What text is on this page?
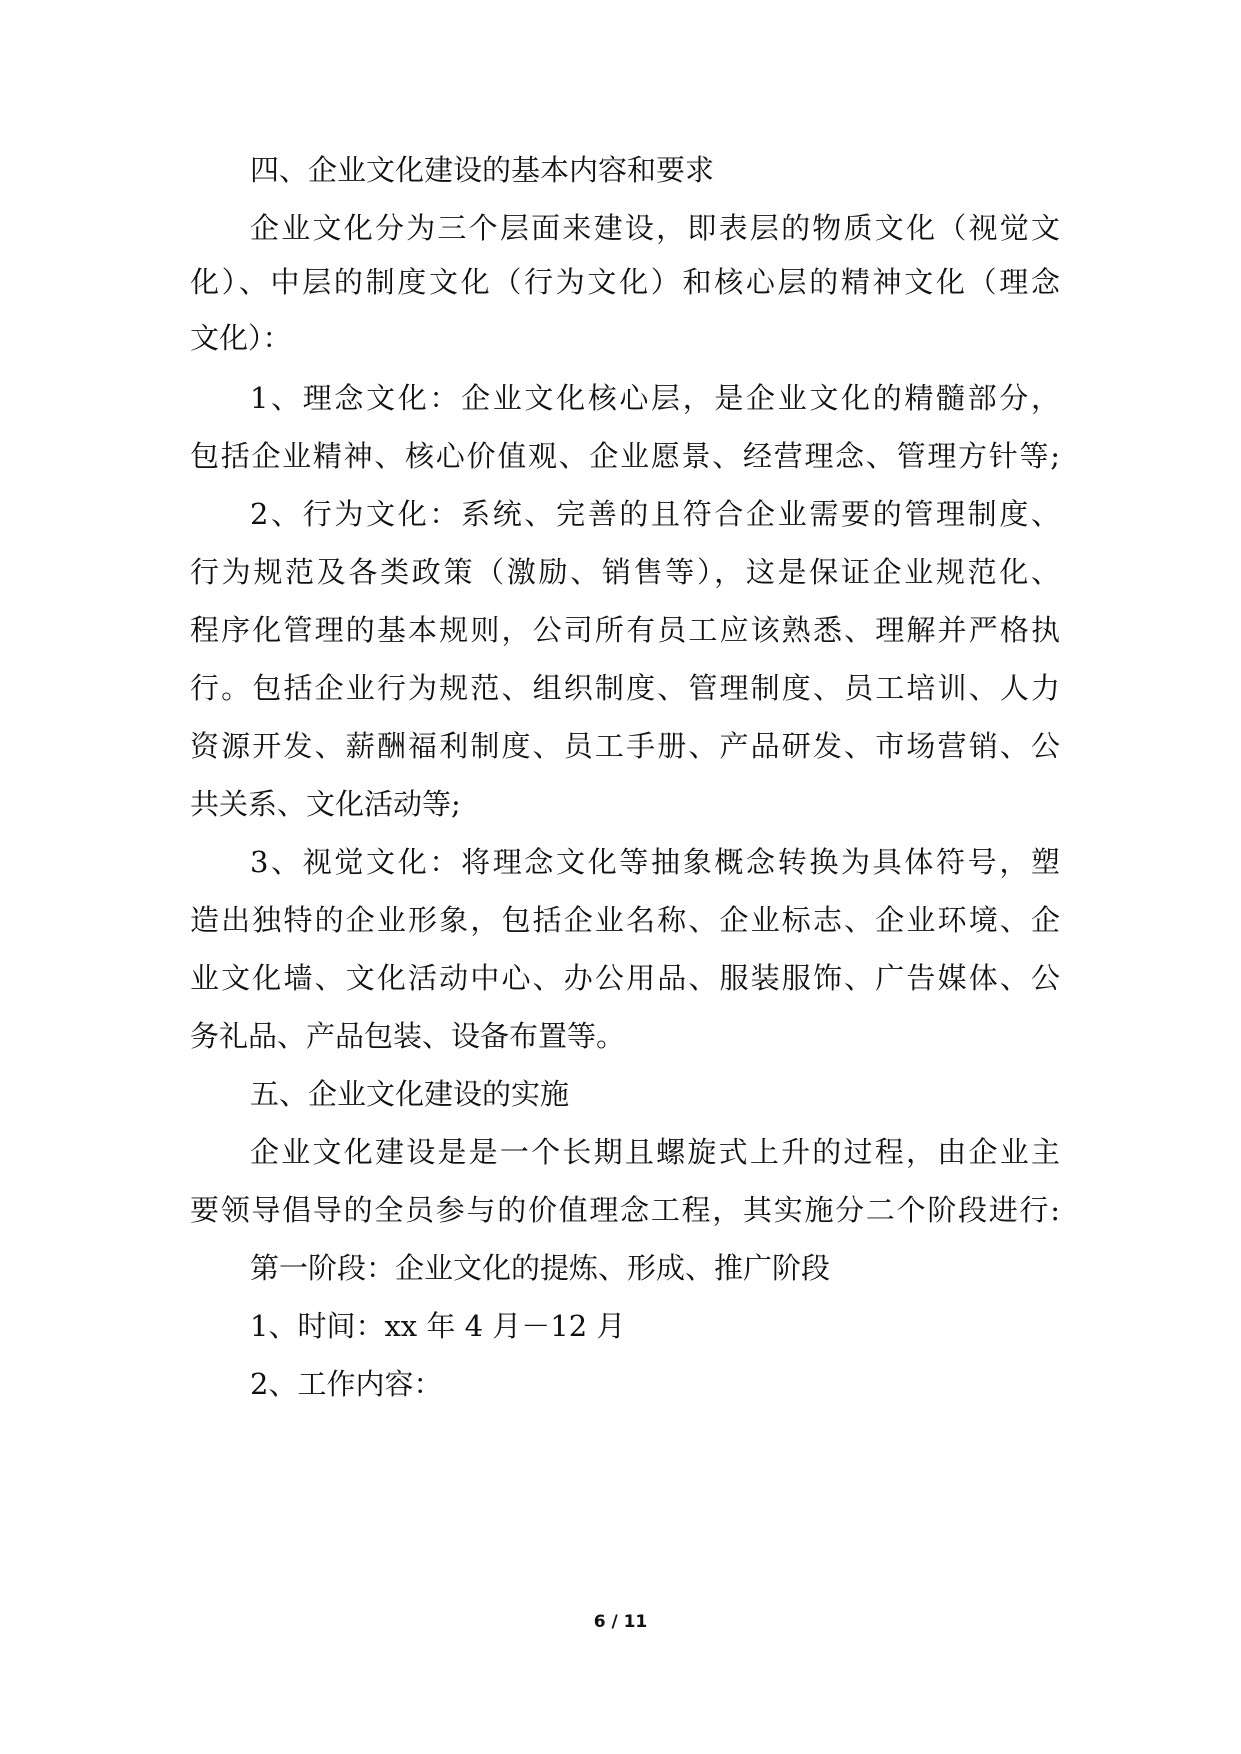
四、企业文化建设的基本内容和要求
企业文化分为三个层面来建设，即表层的物质文化（视觉文
化）、中层的制度文化（行为文化）和核心层的精神文化（理念
文化）：
1、理念文化：企业文化核心层，是企业文化的精髓部分，
包括企业精神、核心价值观、企业愿景、经营理念、管理方针等;
2、行为文化：系统、完善的且符合企业需要的管理制度、
行为规范及各类政策（激励、销售等），这是保证企业规范化、
程序化管理的基本规则，公司所有员工应该熟悉、理解并严格执
行。包括企业行为规范、组织制度、管理制度、员工培训、人力
资源开发、薪酬福利制度、员工手册、产品研发、市场营销、公
共关系、文化活动等;
3、视觉文化：将理念文化等抽象概念转换为具体符号，塑
造出独特的企业形象，包括企业名称、企业标志、企业环境、企
业文化墙、文化活动中心、办公用品、服装服饰、广告媒体、公
务礼品、产品包装、设备布置等。
五、企业文化建设的实施
企业文化建设是是一个长期且螺旋式上升的过程，由企业主
要领导倡导的全员参与的价值理念工程，其实施分二个阶段进行:
第一阶段：企业文化的提炼、形成、推广阶段
1、时间：xx 年 4 月－12 月
2、工作内容：
6 / 11
